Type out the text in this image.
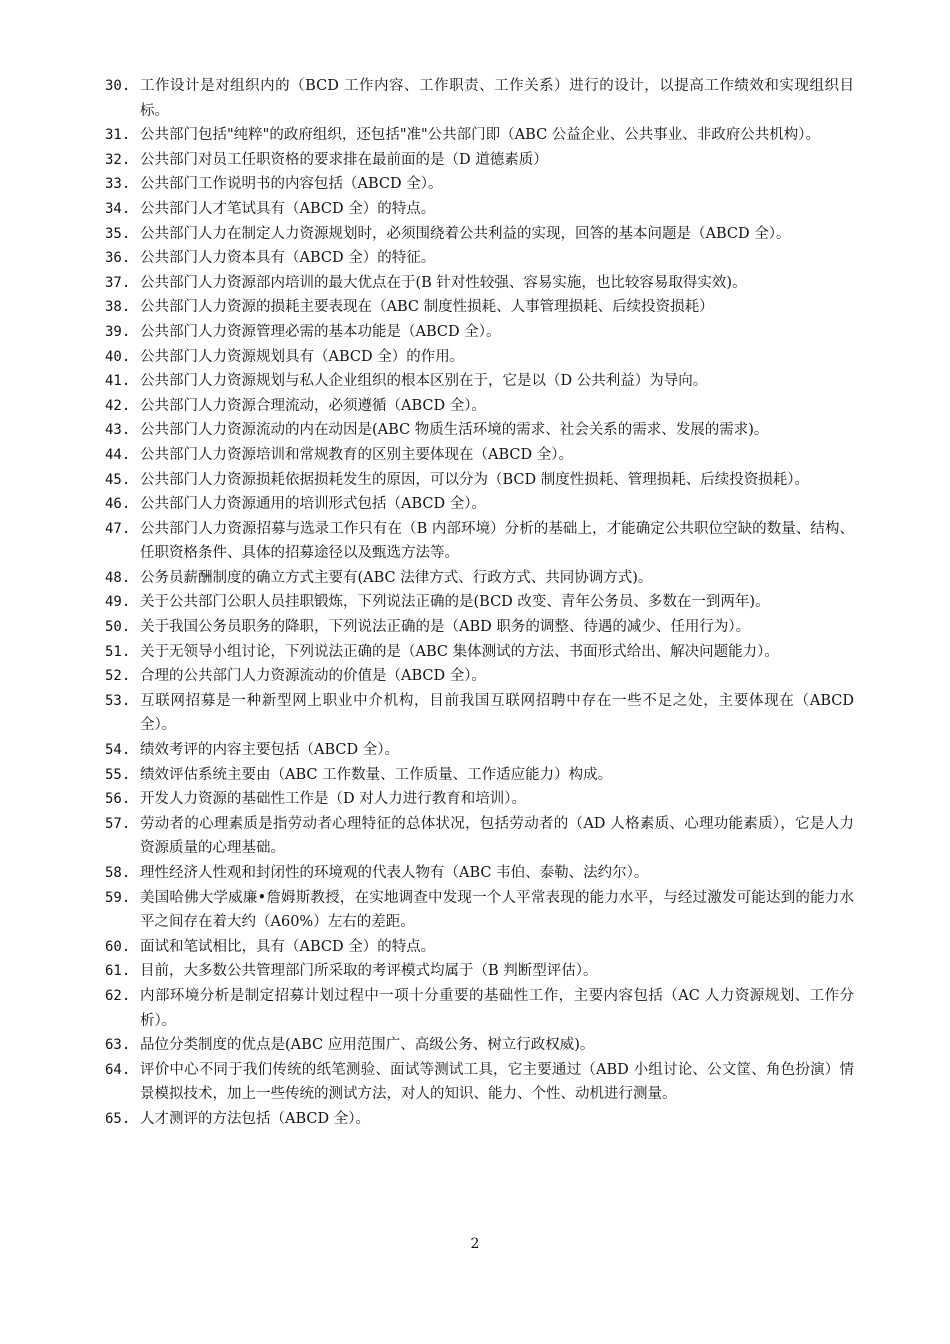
30. 工作设计是对组织内的（BCD 工作内容、工作职责、工作关系）进行的设计，以提高工作绩效和实现组织目标。
31. 公共部门包括"纯粹"的政府组织，还包括"准"公共部门即（ABC 公益企业、公共事业、非政府公共机构）。
32. 公共部门对员工任职资格的要求排在最前面的是（D 道德素质）
33. 公共部门工作说明书的内容包括（ABCD 全）。
34. 公共部门人才笔试具有（ABCD 全）的特点。
35. 公共部门人力在制定人力资源规划时，必须围绕着公共利益的实现，回答的基本问题是（ABCD 全）。
36. 公共部门人力资本具有（ABCD 全）的特征。
37. 公共部门人力资源部内培训的最大优点在于(B 针对性较强、容易实施，也比较容易取得实效)。
38. 公共部门人力资源的损耗主要表现在（ABC 制度性损耗、人事管理损耗、后续投资损耗）
39. 公共部门人力资源管理必需的基本功能是（ABCD 全）。
40. 公共部门人力资源规划具有（ABCD 全）的作用。
41. 公共部门人力资源规划与私人企业组织的根本区别在于，它是以（D 公共利益）为导向。
42. 公共部门人力资源合理流动，必须遵循（ABCD 全）。
43. 公共部门人力资源流动的内在动因是(ABC 物质生活环境的需求、社会关系的需求、发展的需求)。
44. 公共部门人力资源培训和常规教育的区别主要体现在（ABCD 全）。
45. 公共部门人力资源损耗依据损耗发生的原因，可以分为（BCD 制度性损耗、管理损耗、后续投资损耗）。
46. 公共部门人力资源通用的培训形式包括（ABCD 全）。
47. 公共部门人力资源招募与选录工作只有在（B 内部环境）分析的基础上，才能确定公共职位空缺的数量、结构、任职资格条件、具体的招募途径以及甄选方法等。
48. 公务员薪酬制度的确立方式主要有(ABC 法律方式、行政方式、共同协调方式)。
49. 关于公共部门公职人员挂职锻炼，下列说法正确的是(BCD 改变、青年公务员、多数在一到两年)。
50. 关于我国公务员职务的降职，下列说法正确的是（ABD 职务的调整、待遇的减少、任用行为）。
51. 关于无领导小组讨论，下列说法正确的是（ABC 集体测试的方法、书面形式给出、解决问题能力）。
52. 合理的公共部门人力资源流动的价值是（ABCD 全）。
53. 互联网招募是一种新型网上职业中介机构，目前我国互联网招聘中存在一些不足之处，主要体现在（ABCD 全）。
54. 绩效考评的内容主要包括（ABCD 全）。
55. 绩效评估系统主要由（ABC 工作数量、工作质量、工作适应能力）构成。
56. 开发人力资源的基础性工作是（D 对人力进行教育和培训）。
57. 劳动者的心理素质是指劳动者心理特征的总体状况，包括劳动者的（AD 人格素质、心理功能素质），它是人力资源质量的心理基础。
58. 理性经济人性观和封闭性的环境观的代表人物有（ABC 韦伯、泰勒、法约尔）。
59. 美国哈佛大学威廉•詹姆斯教授，在实地调查中发现一个人平常表现的能力水平，与经过激发可能达到的能力水平之间存在着大约（A60%）左右的差距。
60. 面试和笔试相比，具有（ABCD 全）的特点。
61. 目前，大多数公共管理部门所采取的考评模式均属于（B 判断型评估）。
62. 内部环境分析是制定招募计划过程中一项十分重要的基础性工作，主要内容包括（AC 人力资源规划、工作分析）。
63. 品位分类制度的优点是(ABC 应用范围广、高级公务、树立行政权威)。
64. 评价中心不同于我们传统的纸笔测验、面试等测试工具，它主要通过（ABD 小组讨论、公文筐、角色扮演）情景模拟技术，加上一些传统的测试方法，对人的知识、能力、个性、动机进行测量。
65. 人才测评的方法包括（ABCD 全）。
2
